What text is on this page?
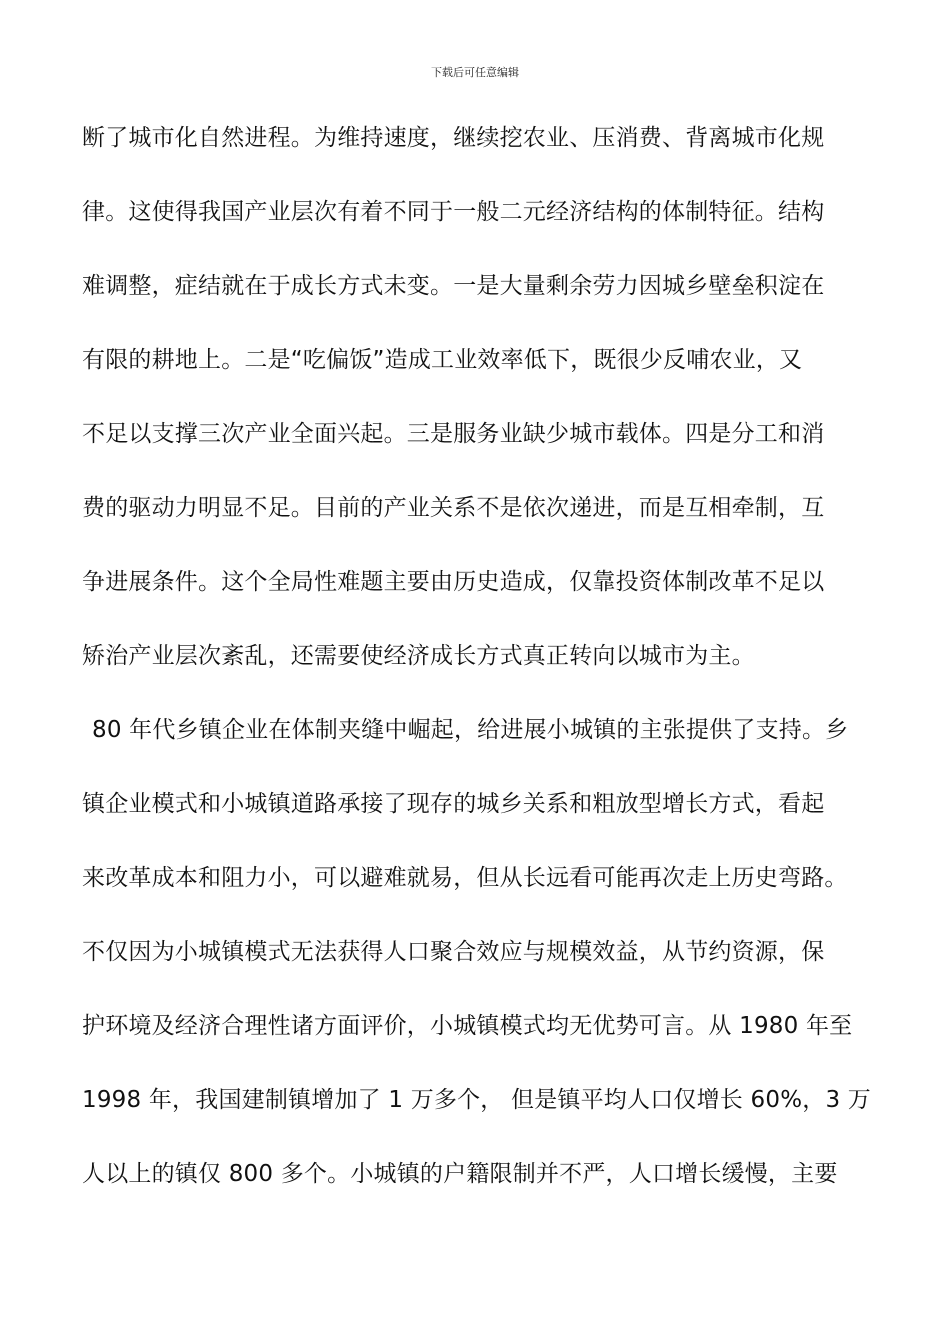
下载后可任意编辑
断了城市化自然进程。为维持速度，继续挖农业、压消费、背离城市化规
律。这使得我国产业层次有着不同于一般二元经济结构的体制特征。结构
难调整，症结就在于成长方式未变。一是大量剩余劳力因城乡壁垒积淀在
有限的耕地上。二是“吃偏饭”造成工业效率低下，既很少反哺农业，又
不足以支撑三次产业全面兴起。三是服务业缺少城市载体。四是分工和消
费的驱动力明显不足。目前的产业关系不是依次递进，而是互相牵制，互
争进展条件。这个全局性难题主要由历史造成，仅靠投资体制改革不足以
矫治产业层次紊乱，还需要使经济成长方式真正转向以城市为主。
80 年代乡镇企业在体制夹缝中崛起，给进展小城镇的主张提供了支持。乡
镇企业模式和小城镇道路承接了现存的城乡关系和粗放型增长方式，看起
来改革成本和阻力小，可以避难就易，但从长远看可能再次走上历史弯路。
不仅因为小城镇模式无法获得人口聚合效应与规模效益，从节约资源，保
护环境及经济合理性诸方面评价，小城镇模式均无优势可言。从 1980 年至
1998 年，我国建制镇增加了 1 万多个， 但是镇平均人口仅增长 60%，3 万
人以上的镇仅 800 多个。小城镇的户籍限制并不严，人口增长缓慢，主要
